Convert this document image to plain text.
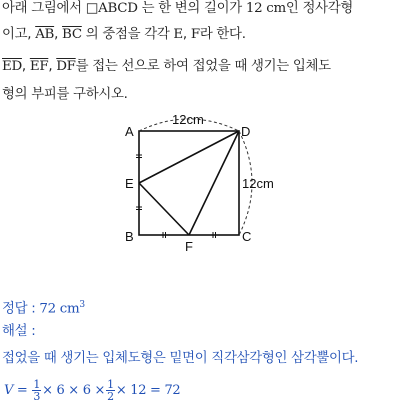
아래 그림에서 □ABCD 는 한 변의 길이가 12 cm인 정사각형
이고, $\overline{AB}$, $\overline{BC}$ 의 중점을 각각 E, F라 한다.
$\overline{ED}$, $\overline{EF}$, $\overline{DF}$를 접는 선으로 하여 접었을 때 생기는 입체도
형의 부피를 구하시오.
A	D
E
B	C
F
12cm
12cm
정답 : 72 $cm^3$
해설 :
접었을 때 생기는 입체도형은 밑면이 직각삼각형인 삼각뿔이다.
$V = \frac{1}{3} \times 6 \times 6 \times \frac{1}{2} \times 12 = 72$
